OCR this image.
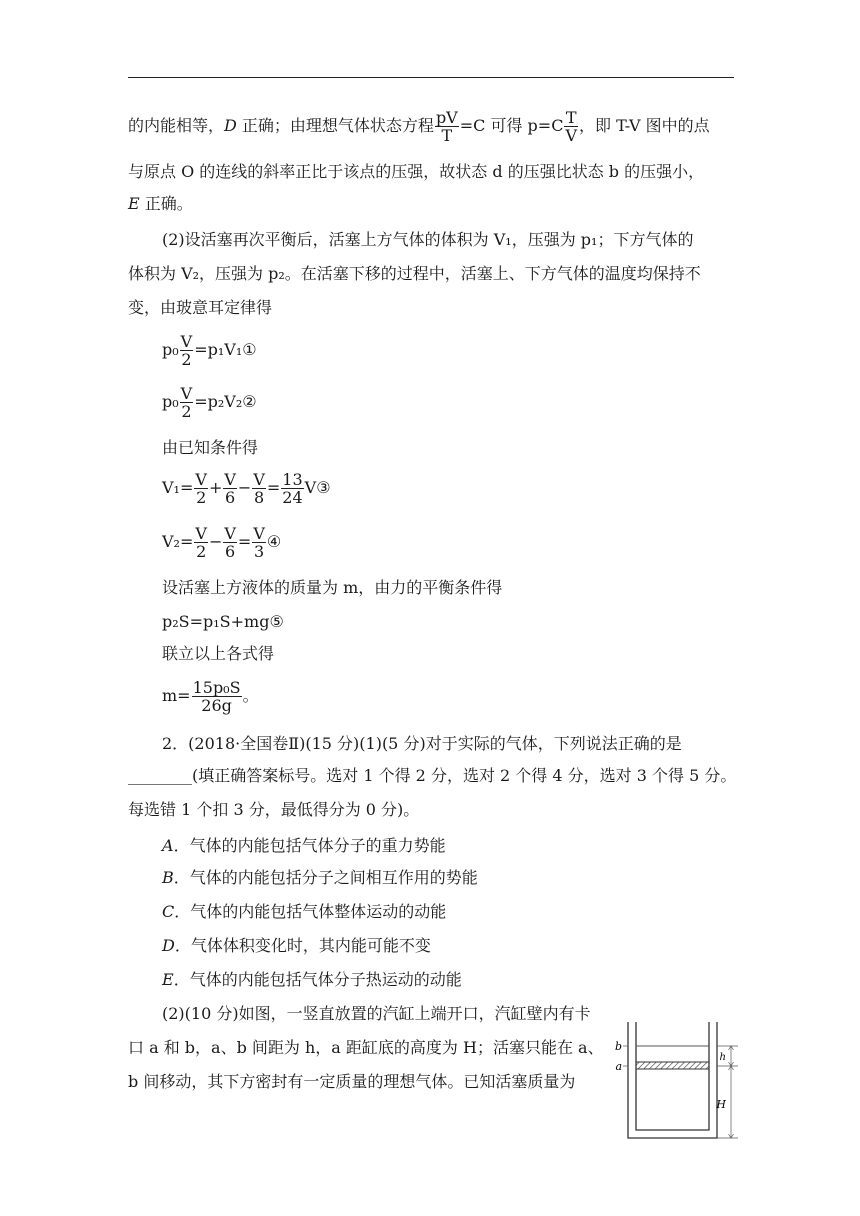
的内能相等，D 正确；由理想气体状态方程 $\frac{pV}{T} =C$ 可得 $p=C \frac{T}{V}$ ，即 T-V 图中的点
与原点 O 的连线的斜率正比于该点的压强，故状态 d 的压强比状态 b 的压强小，
E 正确。
(2)设活塞再次平衡后，活塞上方气体的体积为 V₁，压强为 p₁；下方气体的
体积为 V₂，压强为 p₂。在活塞下移的过程中，活塞上、下方气体的温度均保持不
变，由玻意耳定律得
$p_0 \frac{V}{2}$ =p₁V₁①
$p_0 \frac{V}{2}$ =p₂V₂②
由已知条件得
$V_1= \frac{V}{2} + \frac{V}{6} - \frac{V}{8} = \frac{13}{24}$ V③
$V_2= \frac{V}{2} - \frac{V}{6} = \frac{V}{3}$ ④
设活塞上方液体的质量为 m，由力的平衡条件得
p₂S=p₁S+mg⑤
联立以上各式得
$m= \frac{\text{15p₀S}}{26g}$ 。
2．(2018·全国卷Ⅱ)(15 分)(1)(5 分)对于实际的气体，下列说法正确的是
________(填正确答案标号。选对 1 个得 2 分，选对 2 个得 4 分，选对 3 个得 5 分。
每选错 1 个扣 3 分，最低得分为 0 分)。
A．气体的内能包括气体分子的重力势能
B．气体的内能包括分子之间相互作用的势能
C．气体的内能包括气体整体运动的动能
D．气体体积变化时，其内能可能不变
E．气体的内能包括气体分子热运动的动能
(2)(10 分)如图，一竖直放置的汽缸上端开口，汽缸壁内有卡
口 a 和 b，a、b 间距为 h，a 距缸底的高度为 H；活塞只能在 a、
b 间移动，其下方密封有一定质量的理想气体。已知活塞质量为
b
a
h
H
